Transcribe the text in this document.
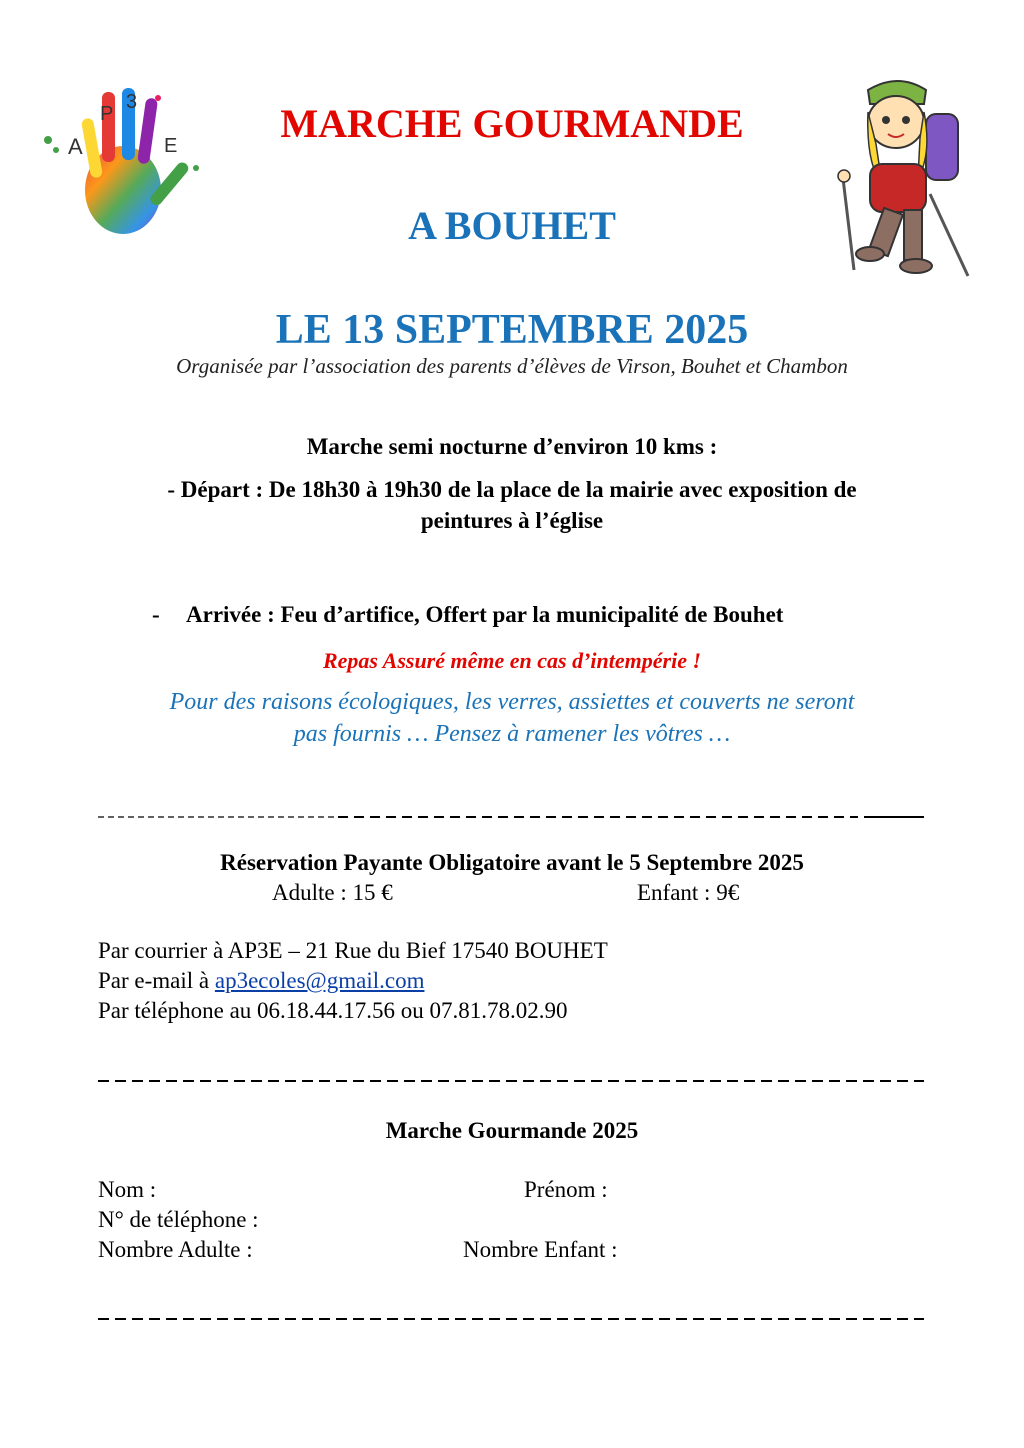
A
P
3
E	MARCHE GOURMANDE
A BOUHET
LE 13 SEPTEMBRE 2025
Organisée par l’association des parents d’élèves de Virson, Bouhet et Chambon
Marche semi nocturne d’environ 10 kms :
- Départ : De 18h30 à 19h30 de la place de la mairie avec exposition de
peintures à l’église
- Arrivée : Feu d’artifice, Offert par la municipalité de Bouhet
Repas Assuré même en cas d’intempérie !
Pour des raisons écologiques, les verres, assiettes et couverts ne seront
pas fournis … Pensez à ramener les vôtres …
Réservation Payante Obligatoire avant le 5 Septembre 2025
Adulte : 15 €	Enfant : 9€
Par courrier à AP3E – 21 Rue du Bief 17540 BOUHET
Par e-mail à ap3ecoles@gmail.com
Par téléphone au 06.18.44.17.56 ou 07.81.78.02.90
Marche Gourmande 2025
Nom :	Prénom :
N° de téléphone :
Nombre Adulte :	Nombre Enfant :
